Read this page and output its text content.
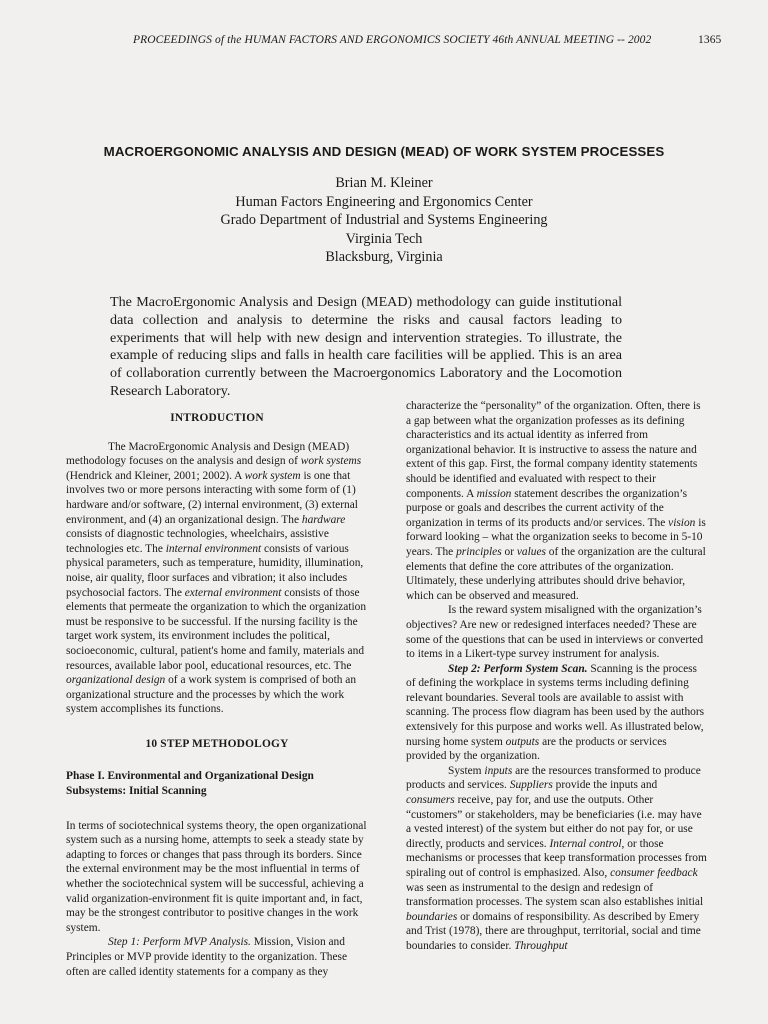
PROCEEDINGS of the HUMAN FACTORS AND ERGONOMICS SOCIETY 46th ANNUAL MEETING -- 2002	1365
MACROERGONOMIC ANALYSIS AND DESIGN (MEAD) OF WORK SYSTEM PROCESSES
Brian M. Kleiner
Human Factors Engineering and Ergonomics Center
Grado Department of Industrial and Systems Engineering
Virginia Tech
Blacksburg, Virginia

The MacroErgonomic Analysis and Design (MEAD) methodology can guide institutional data collection and analysis to determine the risks and causal factors leading to experiments that will help with new design and intervention strategies. To illustrate, the example of reducing slips and falls in health care facilities will be applied. This is an area of collaboration currently between the Macroergonomics Laboratory and the Locomotion Research Laboratory.

INTRODUCTION

The MacroErgonomic Analysis and Design (MEAD) methodology focuses on the analysis and design of work systems (Hendrick and Kleiner, 2001; 2002). A work system is one that involves two or more persons interacting with some form of (1) hardware and/or software, (2) internal environment, (3) external environment, and (4) an organizational design. The hardware consists of diagnostic technologies, wheelchairs, assistive technologies etc. The internal environment consists of various physical parameters, such as temperature, humidity, illumination, noise, air quality, floor surfaces and vibration; it also includes psychosocial factors. The external environment consists of those elements that permeate the organization to which the organization must be responsive to be successful. If the nursing facility is the target work system, its environment includes the political, socioeconomic, cultural, patient's home and family, materials and resources, available labor pool, educational resources, etc. The organizational design of a work system is comprised of both an organizational structure and the processes by which the work system accomplishes its functions.

10 STEP METHODOLOGY

Phase I. Environmental and Organizational Design Subsystems: Initial Scanning

In terms of sociotechnical systems theory, the open organizational system such as a nursing home, attempts to seek a steady state by adapting to forces or changes that pass through its borders. Since the external environment may be the most influential in terms of whether the sociotechnical system will be successful, achieving a valid organization-environment fit is quite important and, in fact, may be the strongest contributor to positive changes in the work system.

Step 1: Perform MVP Analysis. Mission, Vision and Principles or MVP provide identity to the organization. These often are called identity statements for a company as they

characterize the “personality” of the organization. Often, there is a gap between what the organization professes as its defining characteristics and its actual identity as inferred from organizational behavior. It is instructive to assess the nature and extent of this gap. First, the formal company identity statements should be identified and evaluated with respect to their components. A mission statement describes the organization’s purpose or goals and describes the current activity of the organization in terms of its products and/or services. The vision is forward looking – what the organization seeks to become in 5-10 years. The principles or values of the organization are the cultural elements that define the core attributes of the organization. Ultimately, these underlying attributes should drive behavior, which can be observed and measured.

Is the reward system misaligned with the organization’s objectives? Are new or redesigned interfaces needed? These are some of the questions that can be used in interviews or converted to items in a Likert-type survey instrument for analysis.

Step 2: Perform System Scan. Scanning is the process of defining the workplace in systems terms including defining relevant boundaries. Several tools are available to assist with scanning. The process flow diagram has been used by the authors extensively for this purpose and works well. As illustrated below, nursing home system outputs are the products or services provided by the organization.

System inputs are the resources transformed to produce products and services. Suppliers provide the inputs and consumers receive, pay for, and use the outputs. Other “customers” or stakeholders, may be beneficiaries (i.e. may have a vested interest) of the system but either do not pay for, or use directly, products and services. Internal control, or those mechanisms or processes that keep transformation processes from spiraling out of control is emphasized. Also, consumer feedback was seen as instrumental to the design and redesign of transformation processes. The system scan also establishes initial boundaries or domains of responsibility. As described by Emery and Trist (1978), there are throughput, territorial, social and time boundaries to consider. Throughput
